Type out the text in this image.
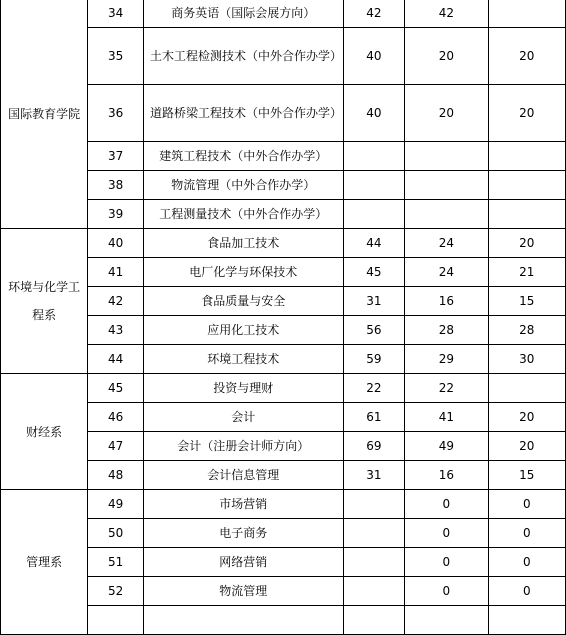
国际教育学院	34	商务英语（国际会展方向）	42	42	
	35	土木工程检测技术（中外合作办学）	40	20	20
	36	道路桥梁工程技术（中外合作办学）	40	20	20
	37	建筑工程技术（中外合作办学）			
	38	物流管理（中外合作办学）			
	39	工程测量技术（中外合作办学）			
环境与化学工程系	40	食品加工技术	44	24	20
	41	电厂化学与环保技术	45	24	21
	42	食品质量与安全	31	16	15
	43	应用化工技术	56	28	28
	44	环境工程技术	59	29	30
财经系	45	投资与理财	22	22	
	46	会计	61	41	20
	47	会计（注册会计师方向）	69	49	20
	48	会计信息管理	31	16	15
管理系	49	市场营销		0	0
	50	电子商务		0	0
	51	网络营销		0	0
	52	物流管理		0	0
